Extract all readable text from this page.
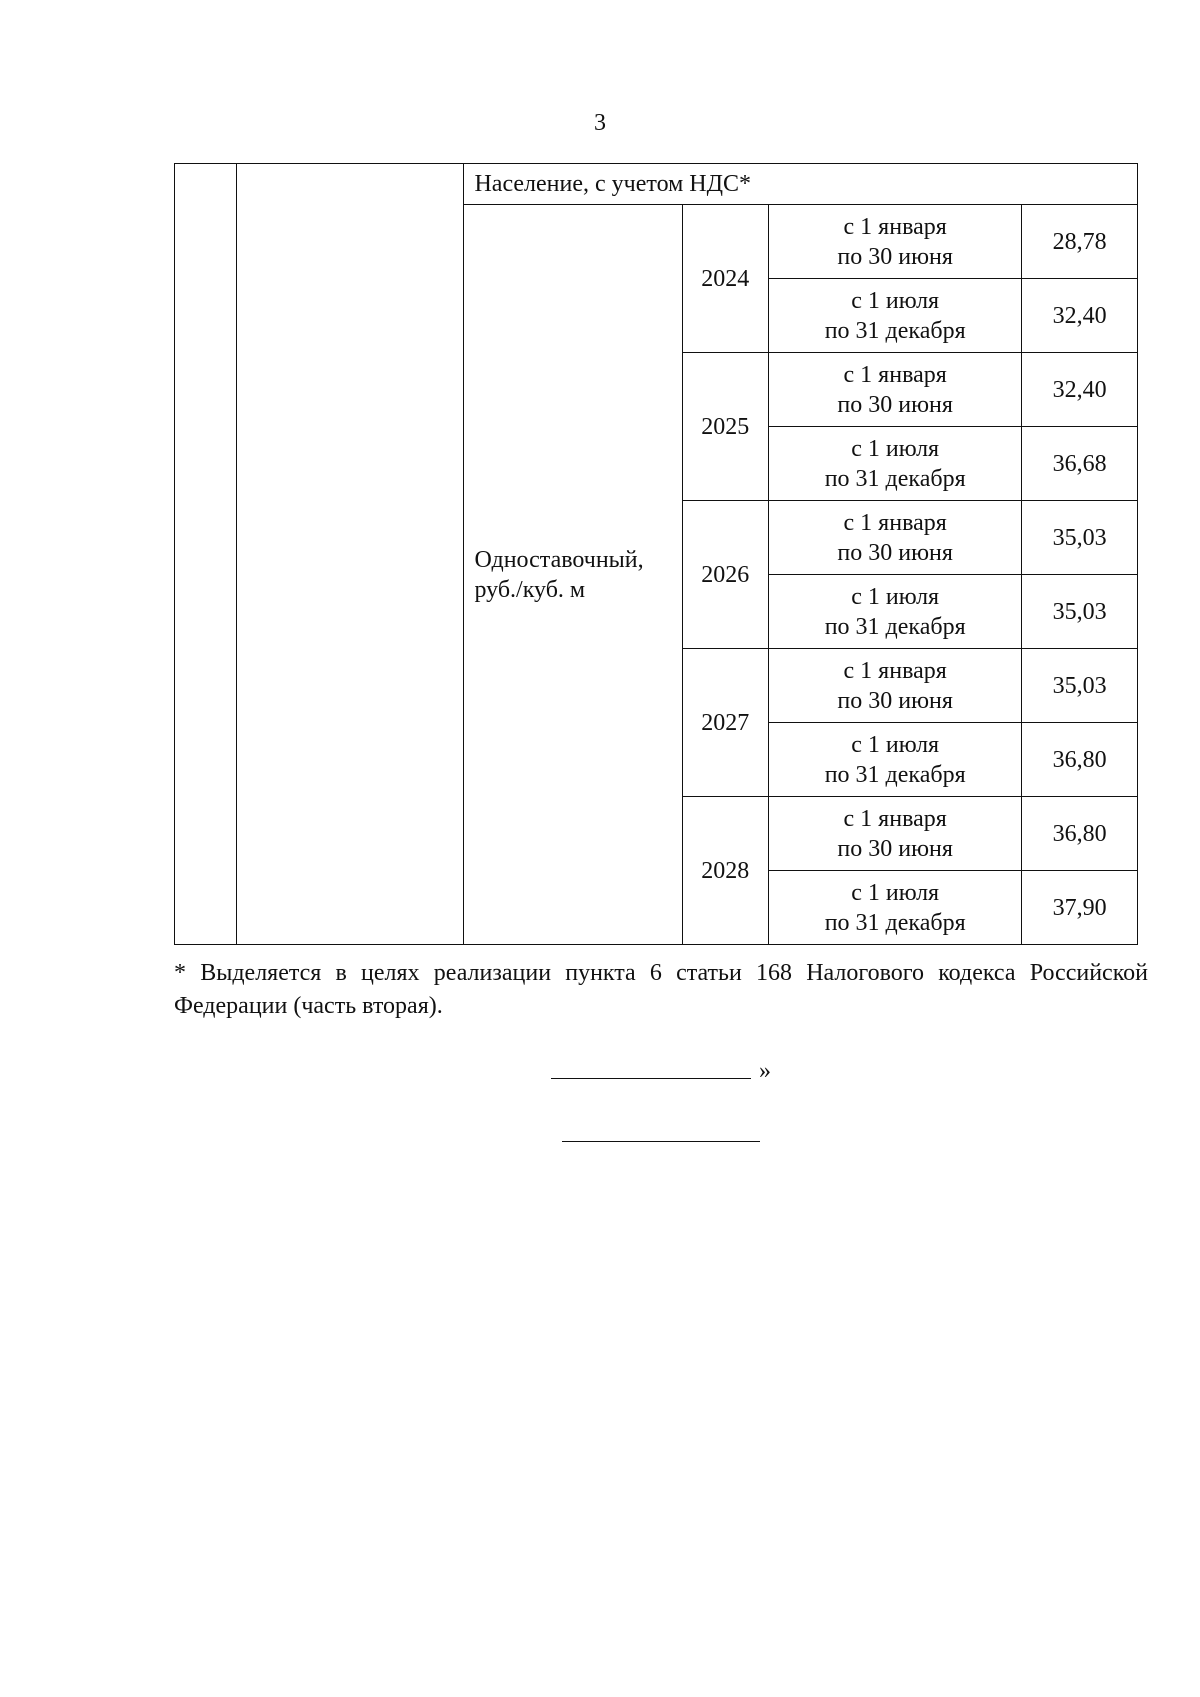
3
		Население, с учетом НДС*			
		Одноставочный, руб./куб. м	2024	с 1 января
по 30 июня	28,78

				с 1 июля
по 31 декабря	32,40
			2025	с 1 января
по 30 июня	32,40

				с 1 июля
по 31 декабря	36,68
			2026	с 1 января
по 30 июня	35,03

				с 1 июля
по 31 декабря	35,03
			2027	с 1 января
по 30 июня	35,03

				с 1 июля
по 31 декабря	36,80
			2028	с 1 января
по 30 июня	36,80

				с 1 июля
по 31 декабря	37,90
* Выделяется в целях реализации пункта 6 статьи 168 Налогового кодекса Российской Федерации (часть вторая).
»
